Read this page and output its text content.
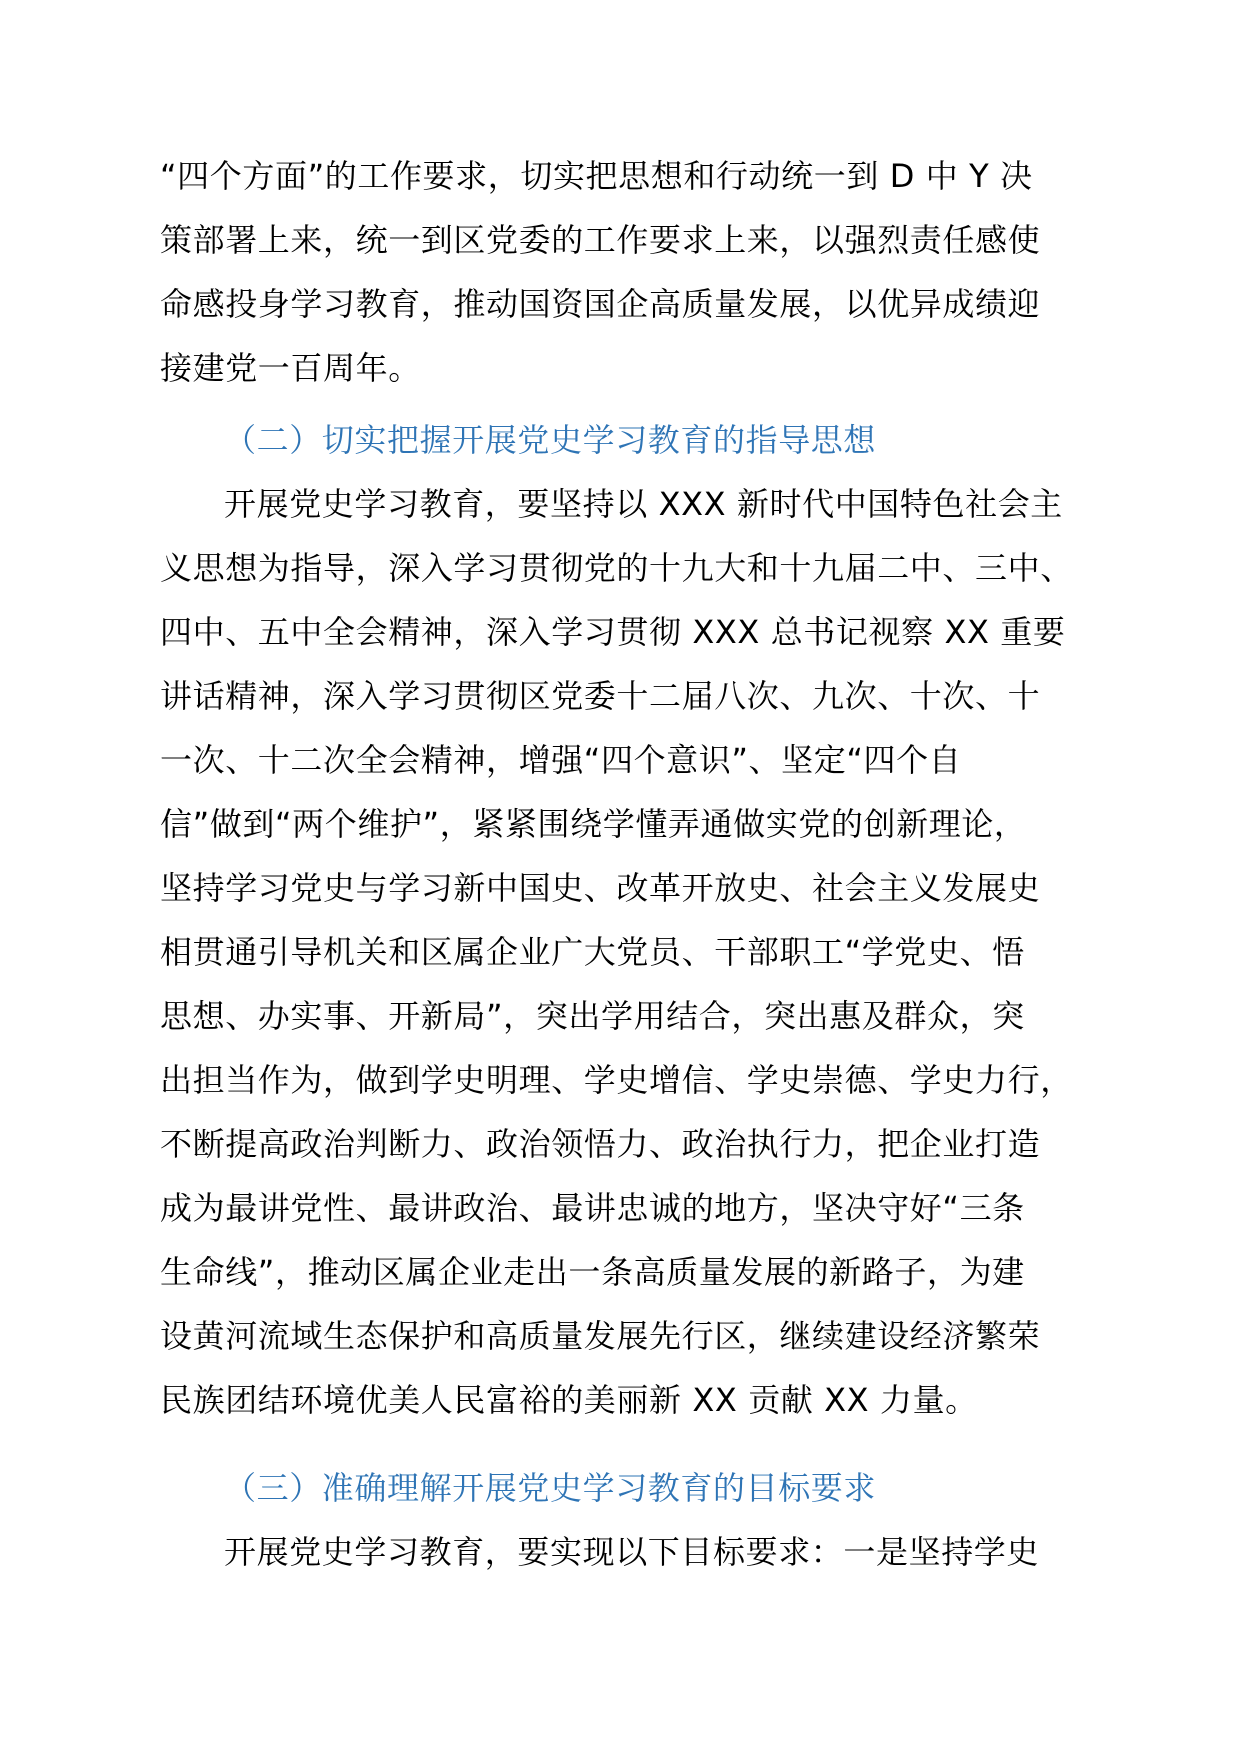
“四个方面”的工作要求，切实把思想和行动统一到 D 中 Y 决
策部署上来，统一到区党委的工作要求上来，以强烈责任感使
命感投身学习教育，推动国资国企高质量发展，以优异成绩迎
接建党一百周年。
（二）切实把握开展党史学习教育的指导思想
开展党史学习教育，要坚持以 XXX 新时代中国特色社会主
义思想为指导，深入学习贯彻党的十九大和十九届二中、三中、
四中、五中全会精神，深入学习贯彻 XXX 总书记视察 XX 重要
讲话精神，深入学习贯彻区党委十二届八次、九次、十次、十
一次、十二次全会精神，增强“四个意识”、坚定“四个自
信”做到“两个维护”，紧紧围绕学懂弄通做实党的创新理论，
坚持学习党史与学习新中国史、改革开放史、社会主义发展史
相贯通引导机关和区属企业广大党员、干部职工“学党史、悟
思想、办实事、开新局”，突出学用结合，突出惠及群众，突
出担当作为，做到学史明理、学史增信、学史崇德、学史力行，
不断提高政治判断力、政治领悟力、政治执行力，把企业打造
成为最讲党性、最讲政治、最讲忠诚的地方，坚决守好“三条
生命线”，推动区属企业走出一条高质量发展的新路子，为建
设黄河流域生态保护和高质量发展先行区，继续建设经济繁荣
民族团结环境优美人民富裕的美丽新 XX 贡献 XX 力量。
（三）准确理解开展党史学习教育的目标要求
开展党史学习教育，要实现以下目标要求：一是坚持学史
